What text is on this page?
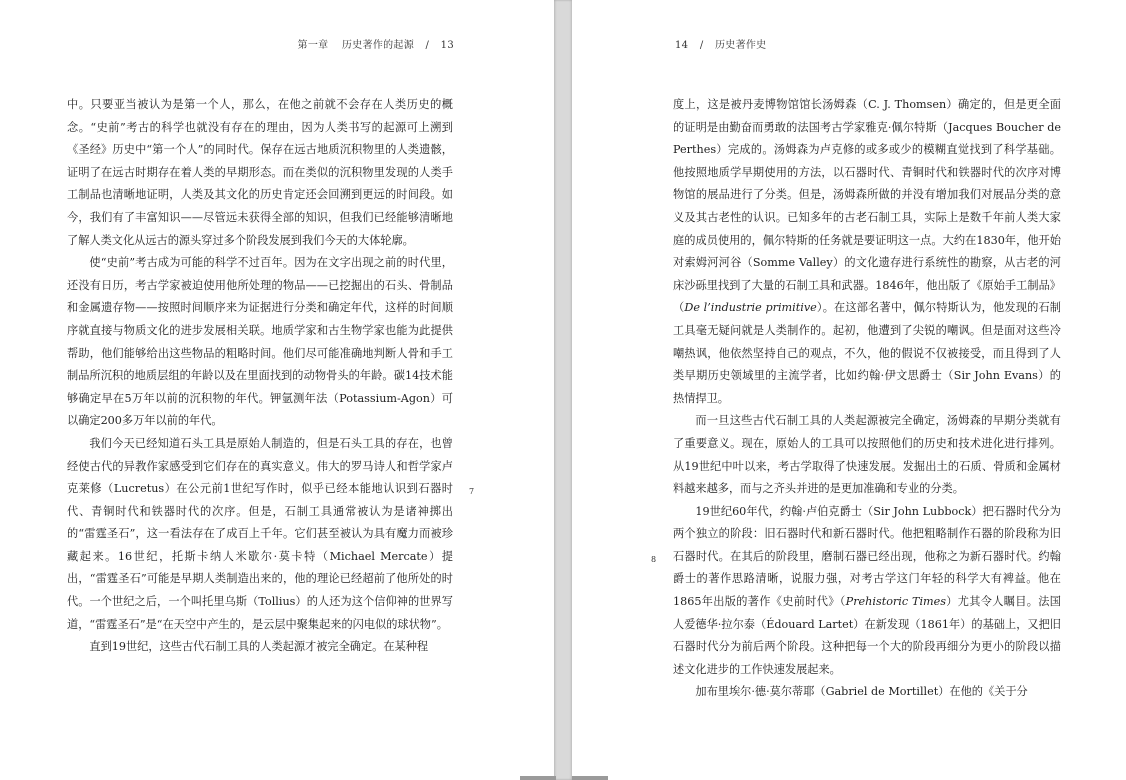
第一章 历史著作的起源 / 13

中。只要亚当被认为是第一个人，那么，在他之前就不会存在人类历史的概念。“史前”考古的科学也就没有存在的理由，因为人类书写的起源可上溯到《圣经》历史中“第一个人”的同时代。保存在远古地质沉积物里的人类遗骸，证明了在远古时期存在着人类的早期形态。而在类似的沉积物里发现的人类手工制品也清晰地证明，人类及其文化的历史肯定还会回溯到更远的时间段。如今，我们有了丰富知识——尽管远未获得全部的知识，但我们已经能够清晰地了解人类文化从远古的源头穿过多个阶段发展到我们今天的大体轮廓。

使“史前”考古成为可能的科学不过百年。因为在文字出现之前的时代里，还没有日历，考古学家被迫使用他所处理的物品——已挖掘出的石头、骨制品和金属遗存物——按照时间顺序来为证据进行分类和确定年代，这样的时间顺序就直接与物质文化的进步发展相关联。地质学家和古生物学家也能为此提供帮助，他们能够给出这些物品的粗略时间。他们尽可能准确地判断人骨和手工制品所沉积的地质层组的年龄以及在里面找到的动物骨头的年龄。碳14技术能够确定早在5万年以前的沉积物的年代。钾氩测年法（Potassium-Agon）可以确定200多万年以前的年代。

我们今天已经知道石头工具是原始人制造的，但是石头工具的存在，也曾经使古代的异教作家感受到它们存在的真实意义。伟大的罗马诗人和哲学家卢克莱修（Lucretus）在公元前1世纪写作时，似乎已经本能地认识到石器时代、青铜时代和铁器时代的次序。但是，石制工具通常被认为是诸神掷出的“雷霆圣石”，这一看法存在了成百上千年。它们甚至被认为具有魔力而被珍藏起来。16世纪，托斯卡纳人米歇尔·莫卡特（Michael Mercate）提出，“雷霆圣石”可能是早期人类制造出来的，他的理论已经超前了他所处的时代。一个世纪之后，一个叫托里乌斯（Tollius）的人还为这个信仰神的世界写道，“雷霆圣石”是“在天空中产生的，是云层中聚集起来的闪电似的球状物”。

直到19世纪，这些古代石制工具的人类起源才被完全确定。在某种程

7
14 / 历史著作史

度上，这是被丹麦博物馆馆长汤姆森（C. J. Thomsen）确定的，但是更全面的证明是由勤奋而勇敢的法国考古学家雅克·佩尔特斯（Jacques Boucher de Perthes）完成的。汤姆森为卢克修的或多或少的模糊直觉找到了科学基础。他按照地质学早期使用的方法，以石器时代、青铜时代和铁器时代的次序对博物馆的展品进行了分类。但是，汤姆森所做的并没有增加我们对展品分类的意义及其古老性的认识。已知多年的古老石制工具，实际上是数千年前人类大家庭的成员使用的，佩尔特斯的任务就是要证明这一点。大约在1830年，他开始对索姆河河谷（Somme Valley）的文化遗存进行系统性的勘察，从古老的河床沙砾里找到了大量的石制工具和武器。1846年，他出版了《原始手工制品》（De l’industrie primitive）。在这部名著中，佩尔特斯认为，他发现的石制工具毫无疑问就是人类制作的。起初，他遭到了尖锐的嘲讽。但是面对这些冷嘲热讽，他依然坚持自己的观点，不久，他的假说不仅被接受，而且得到了人类早期历史领域里的主流学者，比如约翰·伊文思爵士（Sir John Evans）的热情捍卫。

而一旦这些古代石制工具的人类起源被完全确定，汤姆森的早期分类就有了重要意义。现在，原始人的工具可以按照他们的历史和技术进化进行排列。从19世纪中叶以来，考古学取得了快速发展。发掘出土的石质、骨质和金属材料越来越多，而与之齐头并进的是更加准确和专业的分类。

19世纪60年代，约翰·卢伯克爵士（Sir John Lubbock）把石器时代分为两个独立的阶段：旧石器时代和新石器时代。他把粗略制作石器的阶段称为旧石器时代。在其后的阶段里，磨制石器已经出现，他称之为新石器时代。约翰爵士的著作思路清晰，说服力强，对考古学这门年轻的科学大有裨益。他在1865年出版的著作《史前时代》（Prehistoric Times）尤其令人瞩目。法国人爱德华·拉尔泰（Édouard Lartet）在新发现（1861年）的基础上，又把旧石器时代分为前后两个阶段。这种把每一个大的阶段再细分为更小的阶段以描述文化进步的工作快速发展起来。

加布里埃尔·德·莫尔蒂耶（Gabriel de Mortillet）在他的《关于分

8
